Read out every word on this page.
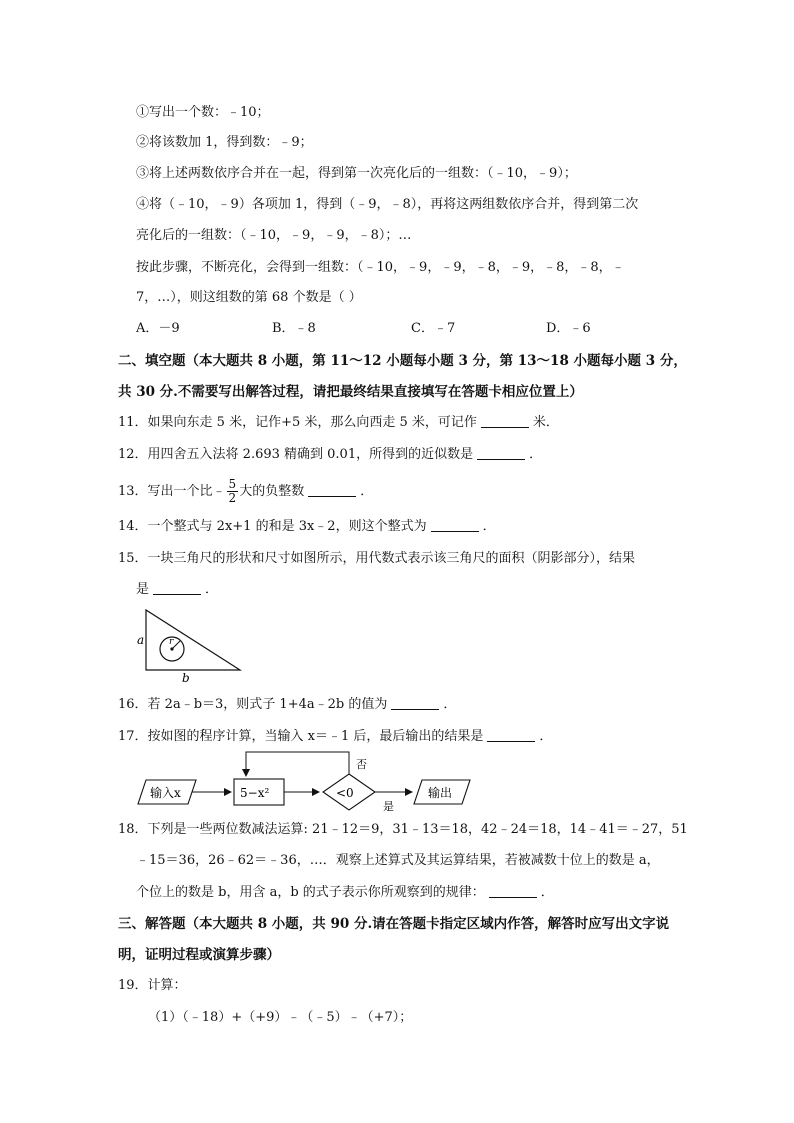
①写出一个数：﹣10；
②将该数加 1，得到数：﹣9；
③将上述两数依序合并在一起，得到第一次亮化后的一组数：（﹣10，﹣9）；
④将（﹣10，﹣9）各项加 1，得到（﹣9，﹣8），再将这两组数依序合并，得到第二次
亮化后的一组数：（﹣10，﹣9，﹣9，﹣8）；…
按此步骤，不断亮化，会得到一组数：（﹣10，﹣9，﹣9，﹣8，﹣9，﹣8，﹣8，﹣
7，…），则这组数的第 68 个数是（ ）
A．－9	B．﹣8	C．﹣7	D．﹣6
二、填空题（本大题共 8 小题，第 11～12 小题每小题 3 分，第 13～18 小题每小题 3 分，
共 30 分.不需要写出解答过程，请把最终结果直接填写在答题卡相应位置上）
11．如果向东走 5 米，记作+5 米，那么向西走 5 米，可记作	米．
12．用四舍五入法将 2.693 精确到 0.01，所得到的近似数是	．
13．写出一个比﹣ $\frac{5}{2}$ 大的负整数	．
14．一个整式与 2x+1 的和是 3x﹣2，则这个整式为	．
15．一块三角尺的形状和尺寸如图所示，用代数式表示该三角尺的面积（阴影部分），结果
是	．
r
a
b
16．若 2a﹣b＝3，则式子 1+4a﹣2b 的值为	．
17．按如图的程序计算，当输入 x＝﹣1 后，最后输出的结果是	．
输入x	5−x²	<0
否
是
输出
18．下列是一些两位数减法运算: 21﹣12＝9，31﹣13＝18，42﹣24＝18，14﹣41＝﹣27，51
﹣15＝36，26﹣62＝﹣36，…．观察上述算式及其运算结果，若被减数十位上的数是 a，
个位上的数是 b，用含 a，b 的式子表示你所观察到的规律：	．
三、解答题（本大题共 8 小题，共 90 分.请在答题卡指定区域内作答，解答时应写出文字说
明，证明过程或演算步骤）
19．计算：
（1）（﹣18）+（+9）﹣（﹣5）﹣（+7）；
